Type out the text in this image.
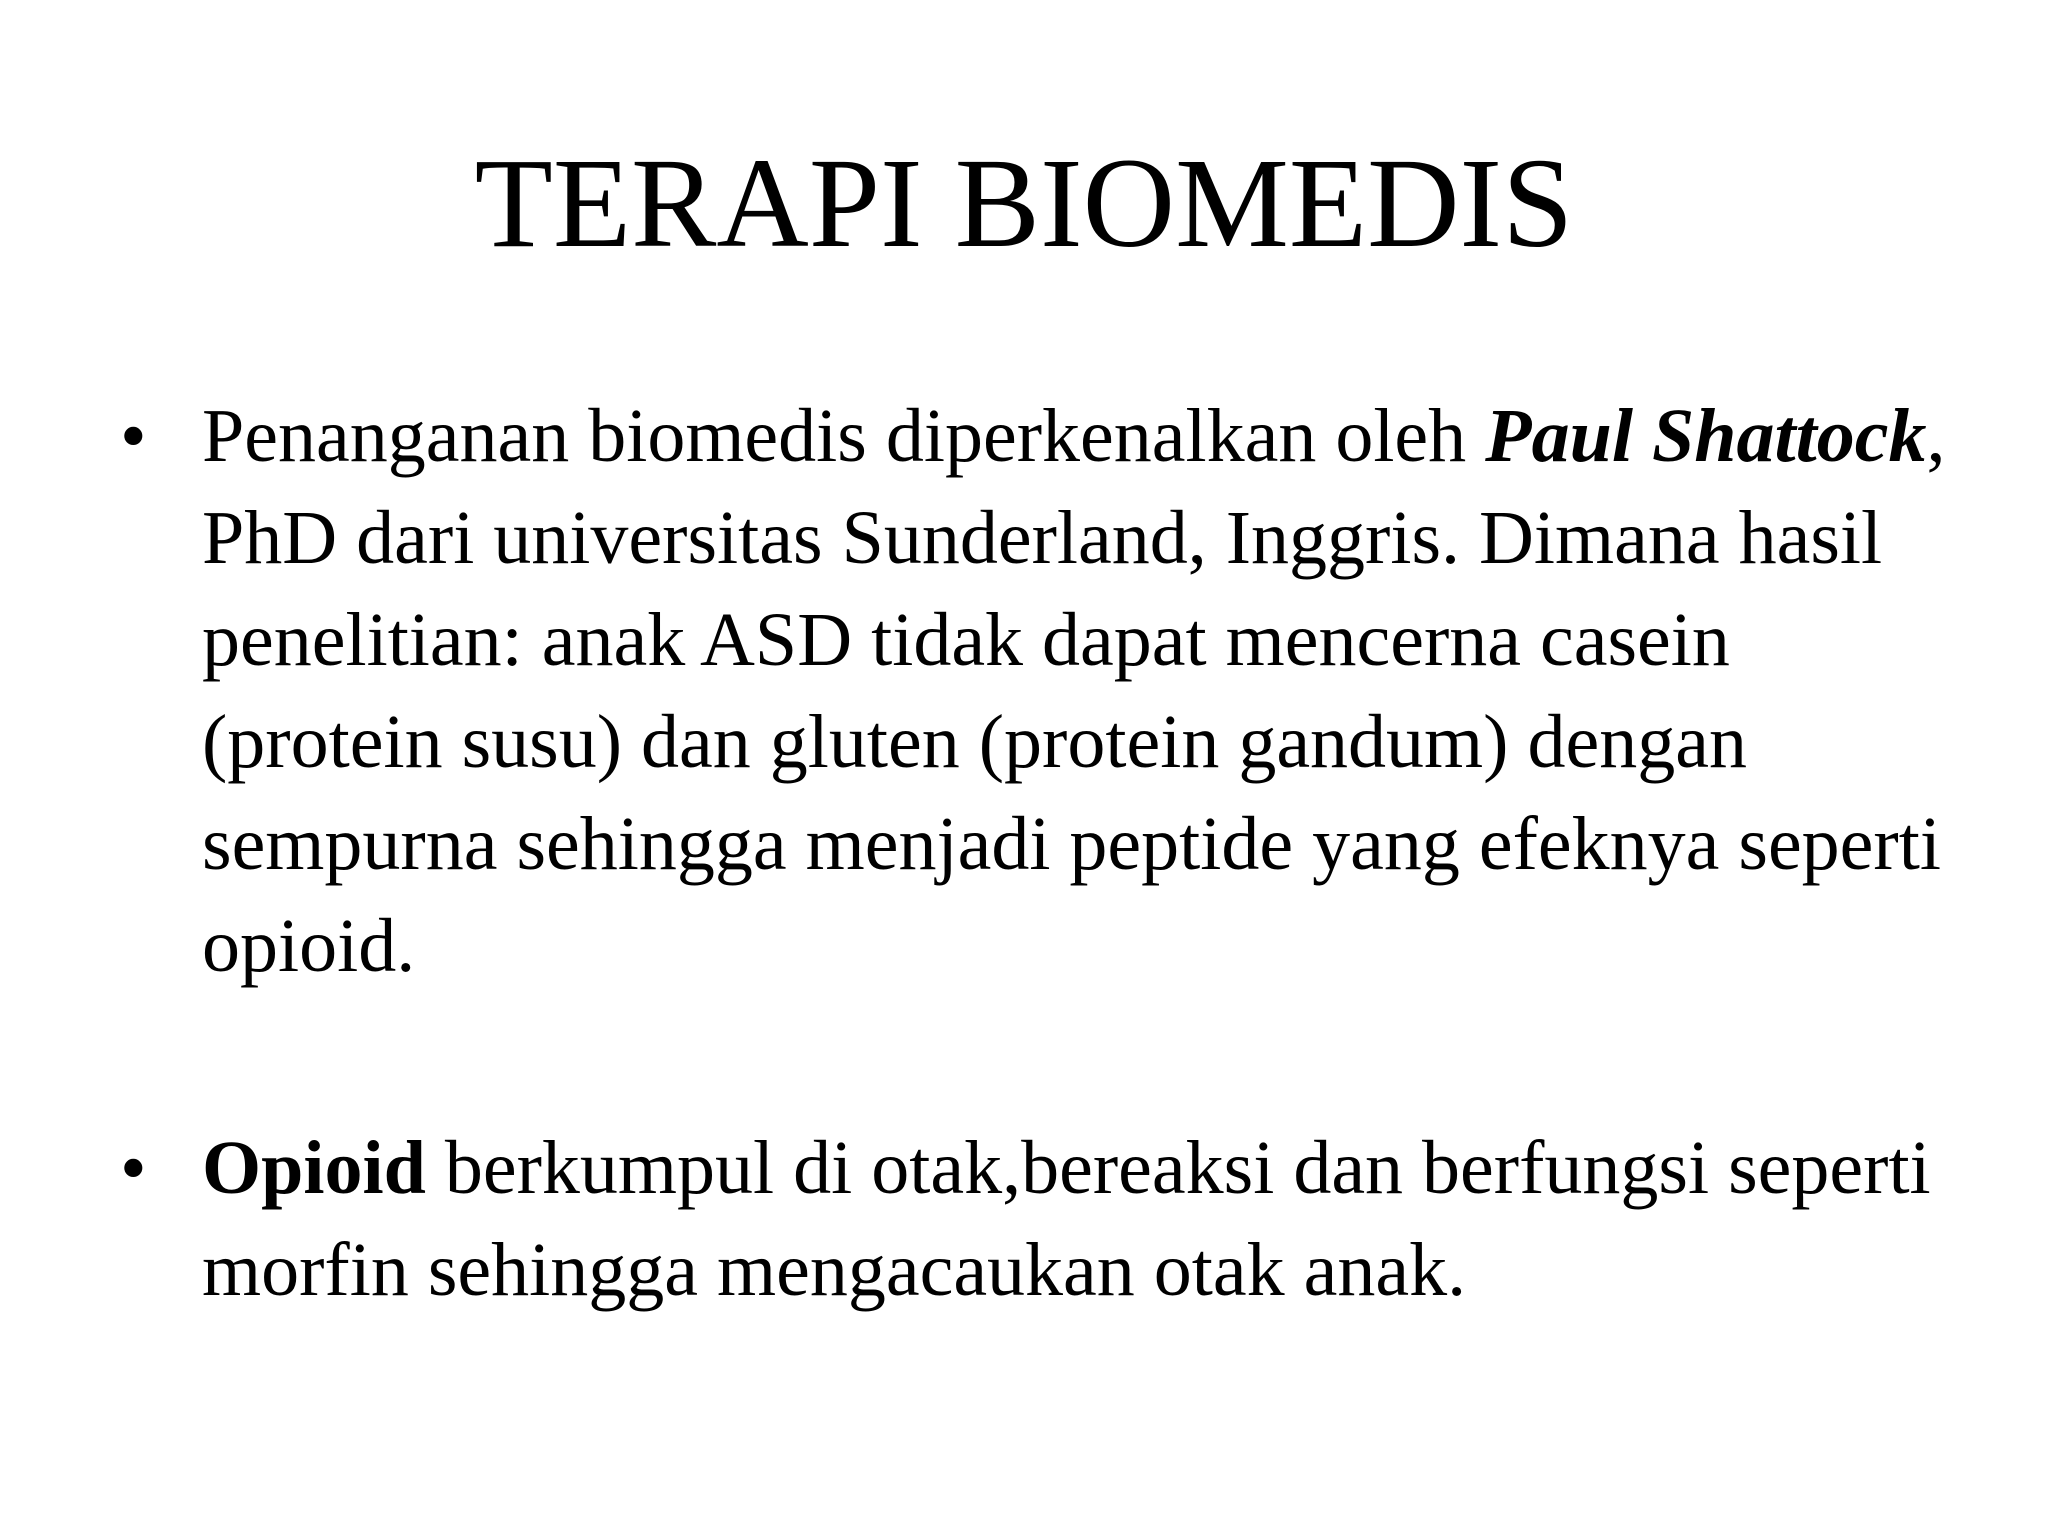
TERAPI BIOMEDIS
• Penanganan biomedis diperkenalkan oleh Paul Shattock, PhD dari universitas Sunderland, Inggris. Dimana hasil penelitian: anak ASD tidak dapat mencerna casein (protein susu) dan gluten (protein gandum) dengan sempurna sehingga menjadi peptide yang efeknya seperti opioid.
• Opioid berkumpul di otak,bereaksi dan berfungsi seperti morfin sehingga mengacaukan otak anak.
